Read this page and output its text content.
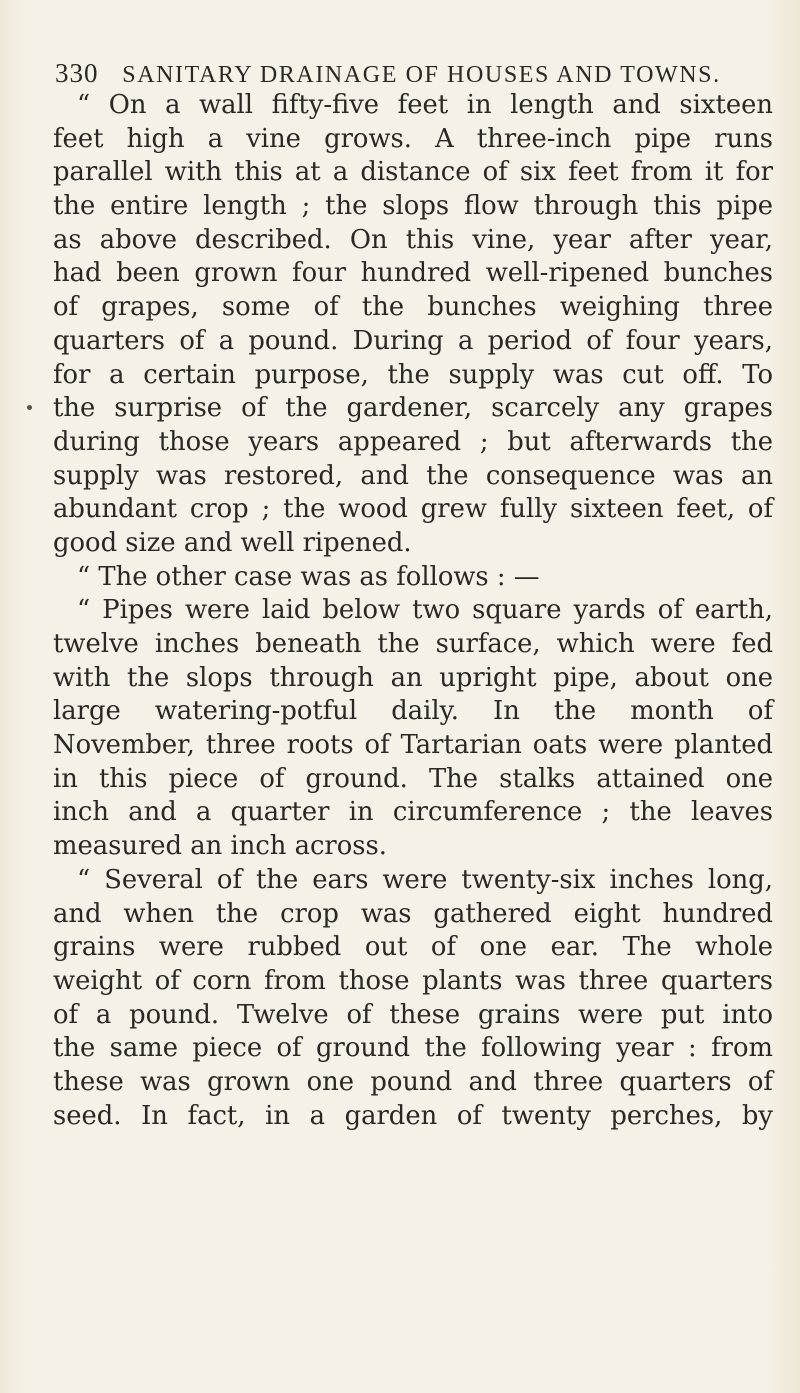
330 SANITARY DRAINAGE OF HOUSES AND TOWNS.
“ On a wall fifty-five feet in length and sixteen
feet high a vine grows. A three-inch pipe runs
parallel with this at a distance of six feet from it for
the entire length ; the slops flow through this pipe
as above described. On this vine, year after year,
had been grown four hundred well-ripened bunches
of grapes, some of the bunches weighing three
quarters of a pound. During a period of four years,
for a certain purpose, the supply was cut off. To
the surprise of the gardener, scarcely any grapes
during those years appeared ; but afterwards the
supply was restored, and the consequence was an
abundant crop ; the wood grew fully sixteen feet, of
good size and well ripened.
“ The other case was as follows : —
“ Pipes were laid below two square yards of earth,
twelve inches beneath the surface, which were fed
with the slops through an upright pipe, about one
large watering-potful daily. In the month of
November, three roots of Tartarian oats were planted
in this piece of ground. The stalks attained one
inch and a quarter in circumference ; the leaves
measured an inch across.
“ Several of the ears were twenty-six inches long,
and when the crop was gathered eight hundred
grains were rubbed out of one ear. The whole
weight of corn from those plants was three quarters
of a pound. Twelve of these grains were put into
the same piece of ground the following year : from
these was grown one pound and three quarters of
seed. In fact, in a garden of twenty perches, by
